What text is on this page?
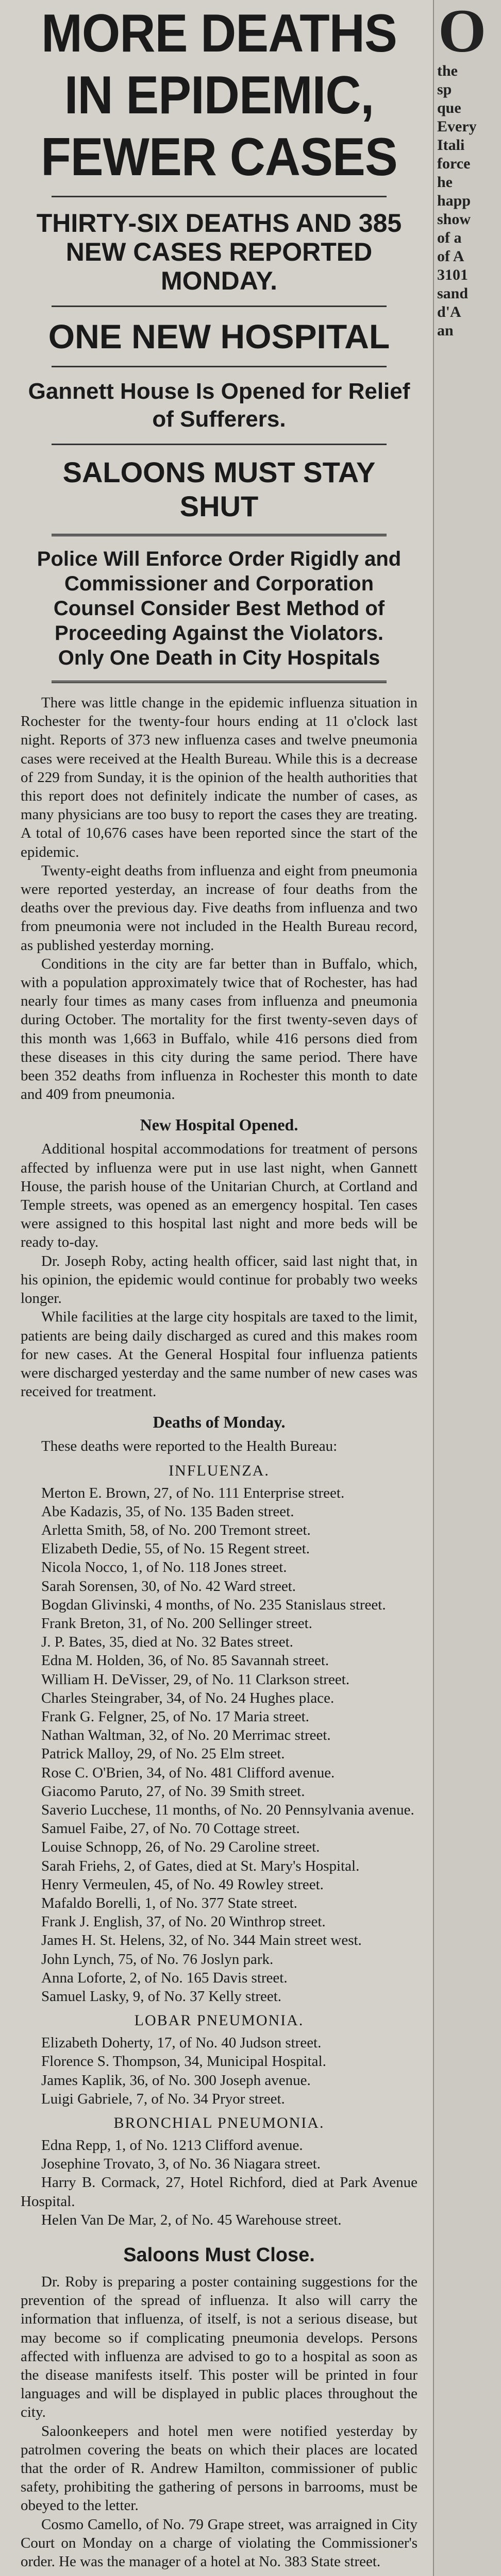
MORE DEATHS
IN EPIDEMIC,
FEWER CASES
THIRTY-SIX DEATHS AND 385 NEW CASES REPORTED MONDAY.
ONE NEW HOSPITAL
Gannett House Is Opened for Relief of Sufferers.
SALOONS MUST STAY SHUT
Police Will Enforce Order Rigidly and Commissioner and Corporation Counsel Consider Best Method of Proceeding Against the Violators. Only One Death in City Hospitals

There was little change in the epidemic influenza situation in Rochester for the twenty-four hours ending at 11 o'clock last night. Reports of 373 new influenza cases and twelve pneumonia cases were received at the Health Bureau. While this is a decrease of 229 from Sunday, it is the opinion of the health authorities that this report does not definitely indicate the number of cases, as many physicians are too busy to report the cases they are treating. A total of 10,676 cases have been reported since the start of the epidemic.

Twenty-eight deaths from influenza and eight from pneumonia were reported yesterday, an increase of four deaths from the deaths over the previous day. Five deaths from influenza and two from pneumonia were not included in the Health Bureau record, as published yesterday morning.

Conditions in the city are far better than in Buffalo, which, with a population approximately twice that of Rochester, has had nearly four times as many cases from influenza and pneumonia during October. The mortality for the first twenty-seven days of this month was 1,663 in Buffalo, while 416 persons died from these diseases in this city during the same period. There have been 352 deaths from influenza in Rochester this month to date and 409 from pneumonia.

New Hospital Opened.

Additional hospital accommodations for treatment of persons affected by influenza were put in use last night, when Gannett House, the parish house of the Unitarian Church, at Cortland and Temple streets, was opened as an emergency hospital. Ten cases were assigned to this hospital last night and more beds will be ready to-day.

Dr. Joseph Roby, acting health officer, said last night that, in his opinion, the epidemic would continue for probably two weeks longer.

While facilities at the large city hospitals are taxed to the limit, patients are being daily discharged as cured and this makes room for new cases. At the General Hospital four influenza patients were discharged yesterday and the same number of new cases was received for treatment.

Deaths of Monday.

These deaths were reported to the Health Bureau:

INFLUENZA.

Merton E. Brown, 27, of No. 111 Enterprise street.

Abe Kadazis, 35, of No. 135 Baden street.

Arletta Smith, 58, of No. 200 Tremont street.

Elizabeth Dedie, 55, of No. 15 Regent street.

Nicola Nocco, 1, of No. 118 Jones street.

Sarah Sorensen, 30, of No. 42 Ward street.

Bogdan Glivinski, 4 months, of No. 235 Stanislaus street.

Frank Breton, 31, of No. 200 Sellinger street.

J. P. Bates, 35, died at No. 32 Bates street.

Edna M. Holden, 36, of No. 85 Savannah street.

William H. DeVisser, 29, of No. 11 Clarkson street.

Charles Steingraber, 34, of No. 24 Hughes place.

Frank G. Felgner, 25, of No. 17 Maria street.

Nathan Waltman, 32, of No. 20 Merrimac street.

Patrick Malloy, 29, of No. 25 Elm street.

Rose C. O'Brien, 34, of No. 481 Clifford avenue.

Giacomo Paruto, 27, of No. 39 Smith street.

Saverio Lucchese, 11 months, of No. 20 Pennsylvania avenue.

Samuel Faibe, 27, of No. 70 Cottage street.

Louise Schnopp, 26, of No. 29 Caroline street.

Sarah Friehs, 2, of Gates, died at St. Mary's Hospital.

Henry Vermeulen, 45, of No. 49 Rowley street.

Mafaldo Borelli, 1, of No. 377 State street.

Frank J. English, 37, of No. 20 Winthrop street.

James H. St. Helens, 32, of No. 344 Main street west.

John Lynch, 75, of No. 76 Joslyn park.

Anna Loforte, 2, of No. 165 Davis street.

Samuel Lasky, 9, of No. 37 Kelly street.

LOBAR PNEUMONIA.

Elizabeth Doherty, 17, of No. 40 Judson street.

Florence S. Thompson, 34, Municipal Hospital.

James Kaplik, 36, of No. 300 Joseph avenue.

Luigi Gabriele, 7, of No. 34 Pryor street.

BRONCHIAL PNEUMONIA.

Edna Repp, 1, of No. 1213 Clifford avenue.

Josephine Trovato, 3, of No. 36 Niagara street.

Harry B. Cormack, 27, Hotel Richford, died at Park Avenue Hospital.

Helen Van De Mar, 2, of No. 45 Warehouse street.

Saloons Must Close.

Dr. Roby is preparing a poster containing suggestions for the prevention of the spread of influenza. It also will carry the information that influenza, of itself, is not a serious disease, but may become so if complicating pneumonia develops. Persons affected with influenza are advised to go to a hospital as soon as the disease manifests itself. This poster will be printed in four languages and will be displayed in public places throughout the city.

Saloonkeepers and hotel men were notified yesterday by patrolmen covering the beats on which their places are located that the order of R. Andrew Hamilton, commissioner of public safety, prohibiting the gathering of persons in barrooms, must be obeyed to the letter.

Cosmo Camello, of No. 79 Grape street, was arraigned in City Court on Monday on a charge of violating the Commissioner's order. He was the manager of a hotel at No. 383 State street.

O
the
sp
que
Every
Itali
force
he
happ
show
of a
of A
3101
sand
d'A
an
